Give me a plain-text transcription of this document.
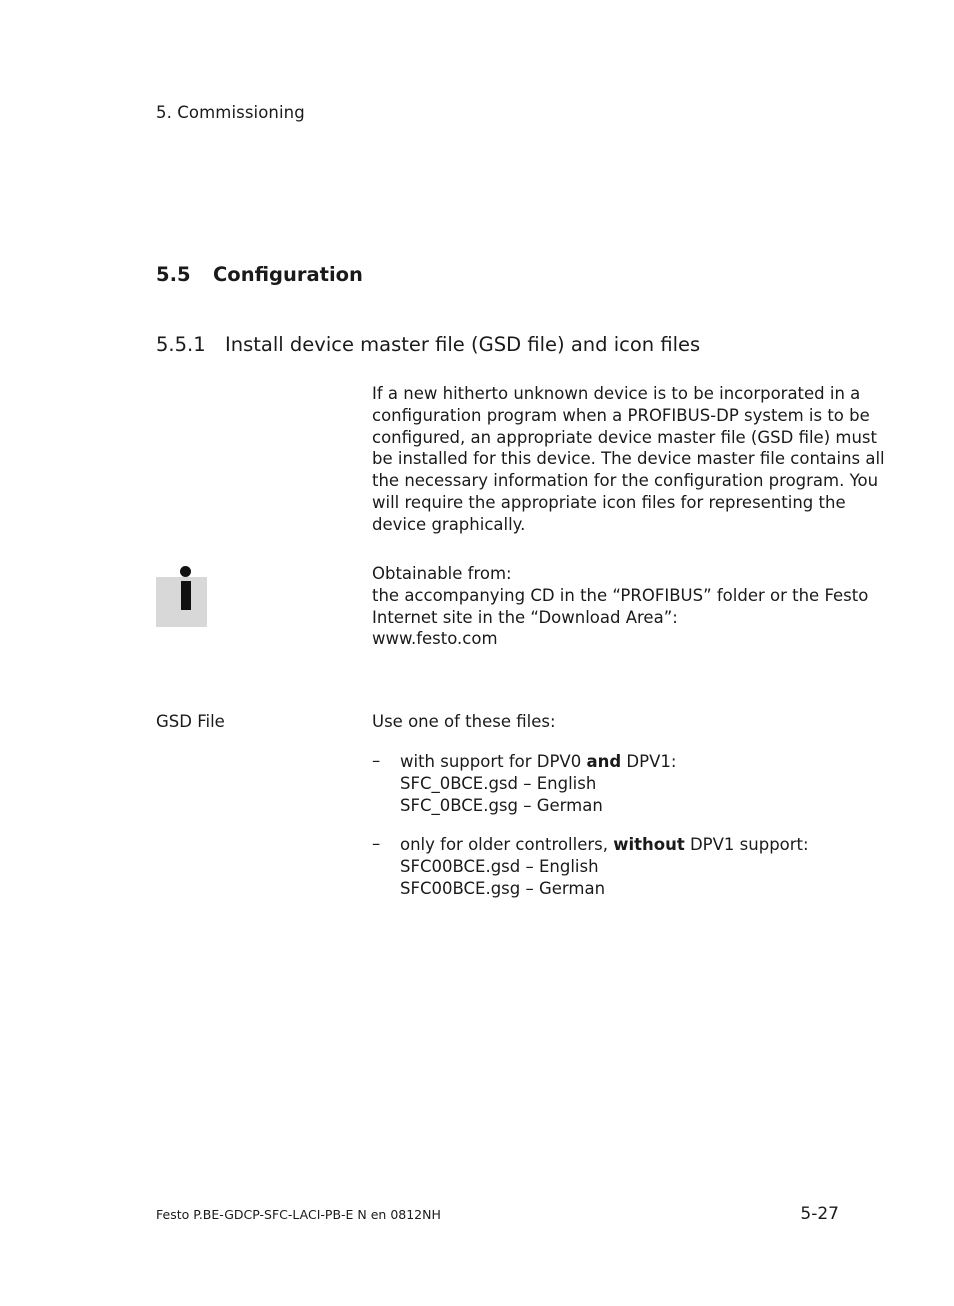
5. Commissioning
5.5 Configuration
5.5.1 Install device master file (GSD file) and icon files
If a new hitherto unknown device is to be incorporated in a
configuration program when a PROFIBUS-DP system is to be
configured, an appropriate device master file (GSD file) must
be installed for this device. The device master file contains all
the necessary information for the configuration program. You
will require the appropriate icon files for representing the
device graphically.
Obtainable from:
the accompanying CD in the “PROFIBUS” folder or the Festo
Internet site in the “Download Area”:
www.festo.com
GSD File	Use one of these files:
– with support for DPV0 and DPV1:
SFC_0BCE.gsd – English
SFC_0BCE.gsg – German
– only for older controllers, without DPV1 support:
SFC00BCE.gsd – English
SFC00BCE.gsg – German
Festo P.BE-GDCP-SFC-LACI-PB-E N en 0812NH	5-27
